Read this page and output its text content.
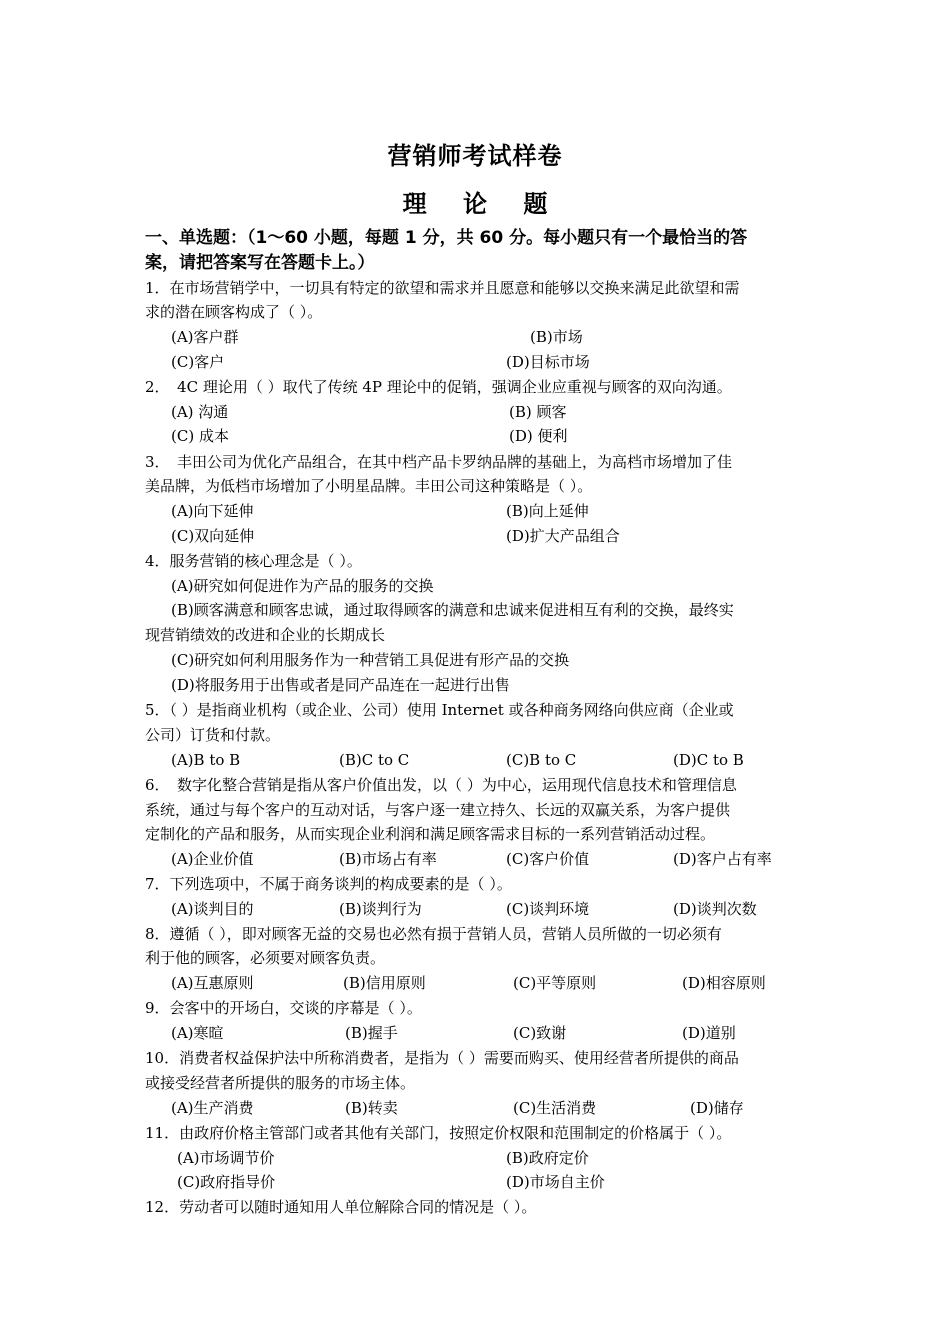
营销师考试样卷
理 论 题
一、单选题：（1～60 小题，每题 1 分，共 60 分。每小题只有一个最恰当的答
案，请把答案写在答题卡上。）
1．在市场营销学中，一切具有特定的欲望和需求并且愿意和能够以交换来满足此欲望和需
求的潜在顾客构成了（ ）。
(A)客户群	(B)市场
(C)客户	(D)目标市场
2．　4C 理论用（ ）取代了传统 4P 理论中的促销，强调企业应重视与顾客的双向沟通。
(A) 沟通	(B) 顾客
(C) 成本	(D) 便利
3．　丰田公司为优化产品组合，在其中档产品卡罗纳品牌的基础上，为高档市场增加了佳
美品牌，为低档市场增加了小明星品牌。丰田公司这种策略是（ ）。
(A)向下延伸	(B)向上延伸
(C)双向延伸	(D)扩大产品组合
4．服务营销的核心理念是（ ）。
(A)研究如何促进作为产品的服务的交换
(B)顾客满意和顾客忠诚，通过取得顾客的满意和忠诚来促进相互有利的交换，最终实
现营销绩效的改进和企业的长期成长
(C)研究如何利用服务作为一种营销工具促进有形产品的交换
(D)将服务用于出售或者是同产品连在一起进行出售
5．（ ）是指商业机构（或企业、公司）使用 Internet 或各种商务网络向供应商（企业或
公司）订货和付款。
(A)B to B	(B)C to C	(C)B to C	(D)C to B
6．　数字化整合营销是指从客户价值出发，以（ ）为中心，运用现代信息技术和管理信息
系统，通过与每个客户的互动对话，与客户逐一建立持久、长远的双赢关系，为客户提供
定制化的产品和服务，从而实现企业利润和满足顾客需求目标的一系列营销活动过程。
(A)企业价值	(B)市场占有率	(C)客户价值	(D)客户占有率
7．下列选项中，不属于商务谈判的构成要素的是（ ）。
(A)谈判目的	(B)谈判行为	(C)谈判环境	(D)谈判次数
8．遵循（ ），即对顾客无益的交易也必然有损于营销人员，营销人员所做的一切必须有
利于他的顾客，必须要对顾客负责。
(A)互惠原则	(B)信用原则	(C)平等原则	(D)相容原则
9．会客中的开场白，交谈的序幕是（ ）。
(A)寒暄	(B)握手	(C)致谢	(D)道别
10．消费者权益保护法中所称消费者，是指为（ ）需要而购买、使用经营者所提供的商品
或接受经营者所提供的服务的市场主体。
(A)生产消费	(B)转卖	(C)生活消费	(D)储存
11．由政府价格主管部门或者其他有关部门，按照定价权限和范围制定的价格属于（ ）。
(A)市场调节价	(B)政府定价
(C)政府指导价	(D)市场自主价
12．劳动者可以随时通知用人单位解除合同的情况是（ ）。
